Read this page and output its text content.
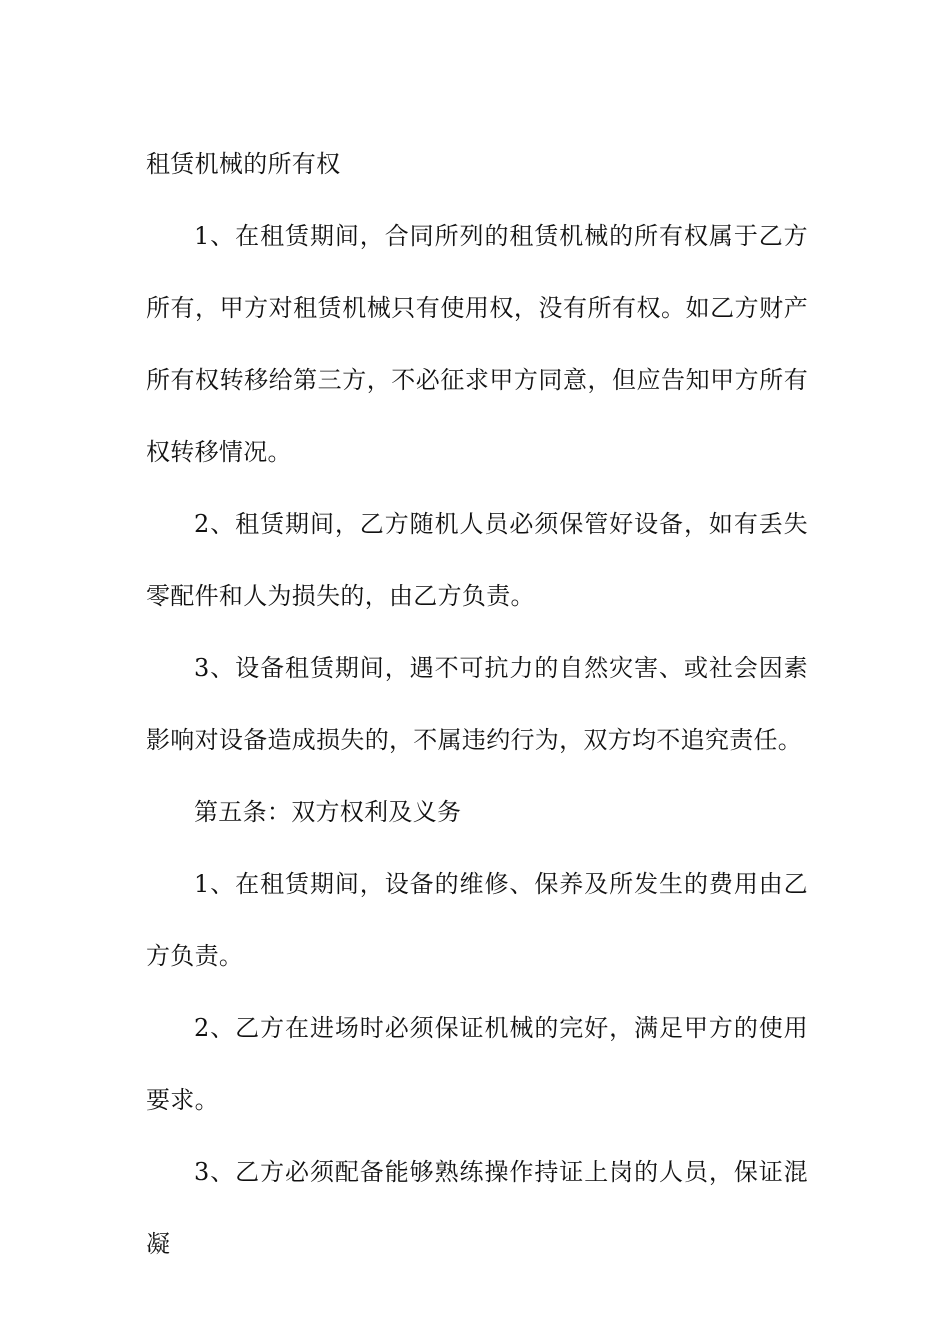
租赁机械的所有权

1、在租赁期间，合同所列的租赁机械的所有权属于乙方所有，甲方对租赁机械只有使用权，没有所有权。如乙方财产所有权转移给第三方，不必征求甲方同意，但应告知甲方所有权转移情况。

2、租赁期间，乙方随机人员必须保管好设备，如有丢失零配件和人为损失的，由乙方负责。

3、设备租赁期间，遇不可抗力的自然灾害、或社会因素影响对设备造成损失的，不属违约行为，双方均不追究责任。

第五条：双方权利及义务

1、在租赁期间，设备的维修、保养及所发生的费用由乙方负责。

2、乙方在进场时必须保证机械的完好，满足甲方的使用要求。

3、乙方必须配备能够熟练操作持证上岗的人员，保证混凝
